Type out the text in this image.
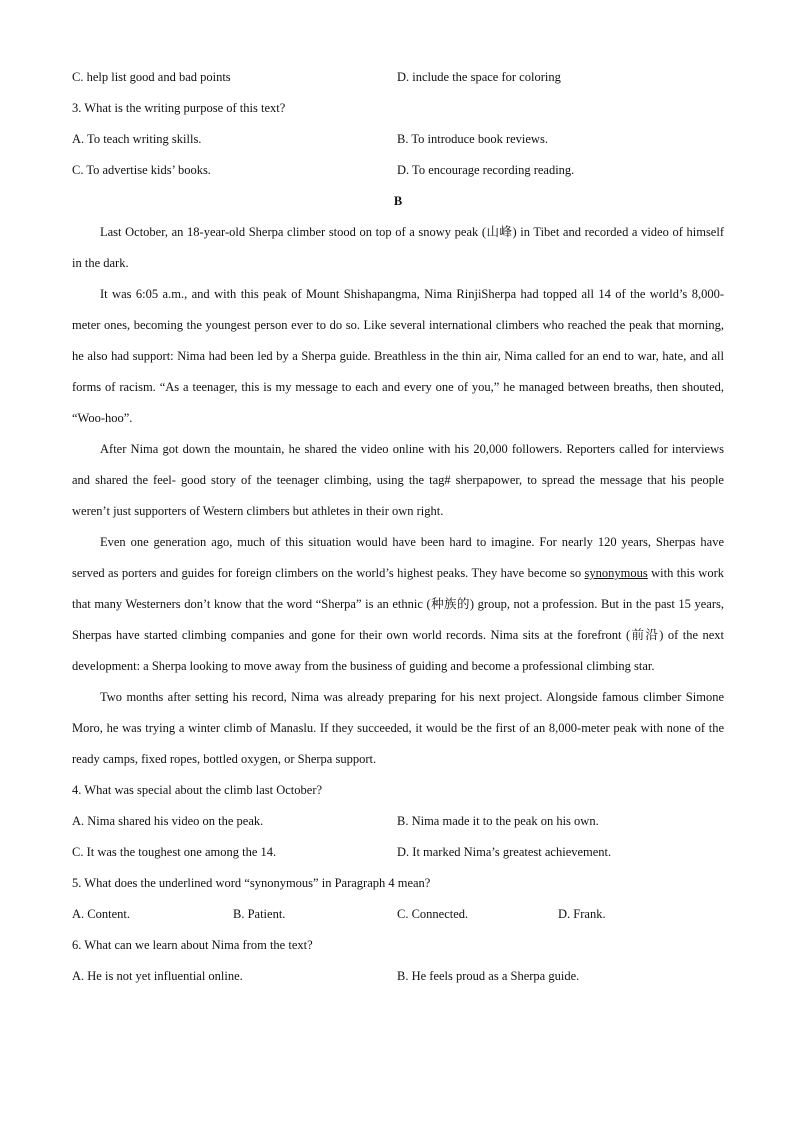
C. help list good and bad points	D. include the space for coloring
3. What is the writing purpose of this text?
A. To teach writing skills.	B. To introduce book reviews.
C. To advertise kids’ books.	D. To encourage recording reading.
B

Last October, an 18-year-old Sherpa climber stood on top of a snowy peak (山峰) in Tibet and recorded a video of himself in the dark.

It was 6:05 a.m., and with this peak of Mount Shishapangma, Nima RinjiSherpa had topped all 14 of the world’s 8,000-meter ones, becoming the youngest person ever to do so. Like several international climbers who reached the peak that morning, he also had support: Nima had been led by a Sherpa guide. Breathless in the thin air, Nima called for an end to war, hate, and all forms of racism. “As a teenager, this is my message to each and every one of you,” he managed between breaths, then shouted, “Woo-hoo”.

After Nima got down the mountain, he shared the video online with his 20,000 followers. Reporters called for interviews and shared the feel- good story of the teenager climbing, using the tag# sherpapower, to spread the message that his people weren’t just supporters of Western climbers but athletes in their own right.

Even one generation ago, much of this situation would have been hard to imagine. For nearly 120 years, Sherpas have served as porters and guides for foreign climbers on the world’s highest peaks. They have become so synonymous with this work that many Westerners don’t know that the word “Sherpa” is an ethnic (种族的) group, not a profession. But in the past 15 years, Sherpas have started climbing companies and gone for their own world records. Nima sits at the forefront (前沿) of the next development: a Sherpa looking to move away from the business of guiding and become a professional climbing star.

Two months after setting his record, Nima was already preparing for his next project. Alongside famous climber Simone Moro, he was trying a winter climb of Manaslu. If they succeeded, it would be the first of an 8,000-meter peak with none of the ready camps, fixed ropes, bottled oxygen, or Sherpa support.

4. What was special about the climb last October?
A. Nima shared his video on the peak.	B. Nima made it to the peak on his own.
C. It was the toughest one among the 14.	D. It marked Nima’s greatest achievement.
5. What does the underlined word “synonymous” in Paragraph 4 mean?
A. Content.	B. Patient.	C. Connected.	D. Frank.
6. What can we learn about Nima from the text?
A. He is not yet influential online.	B. He feels proud as a Sherpa guide.
